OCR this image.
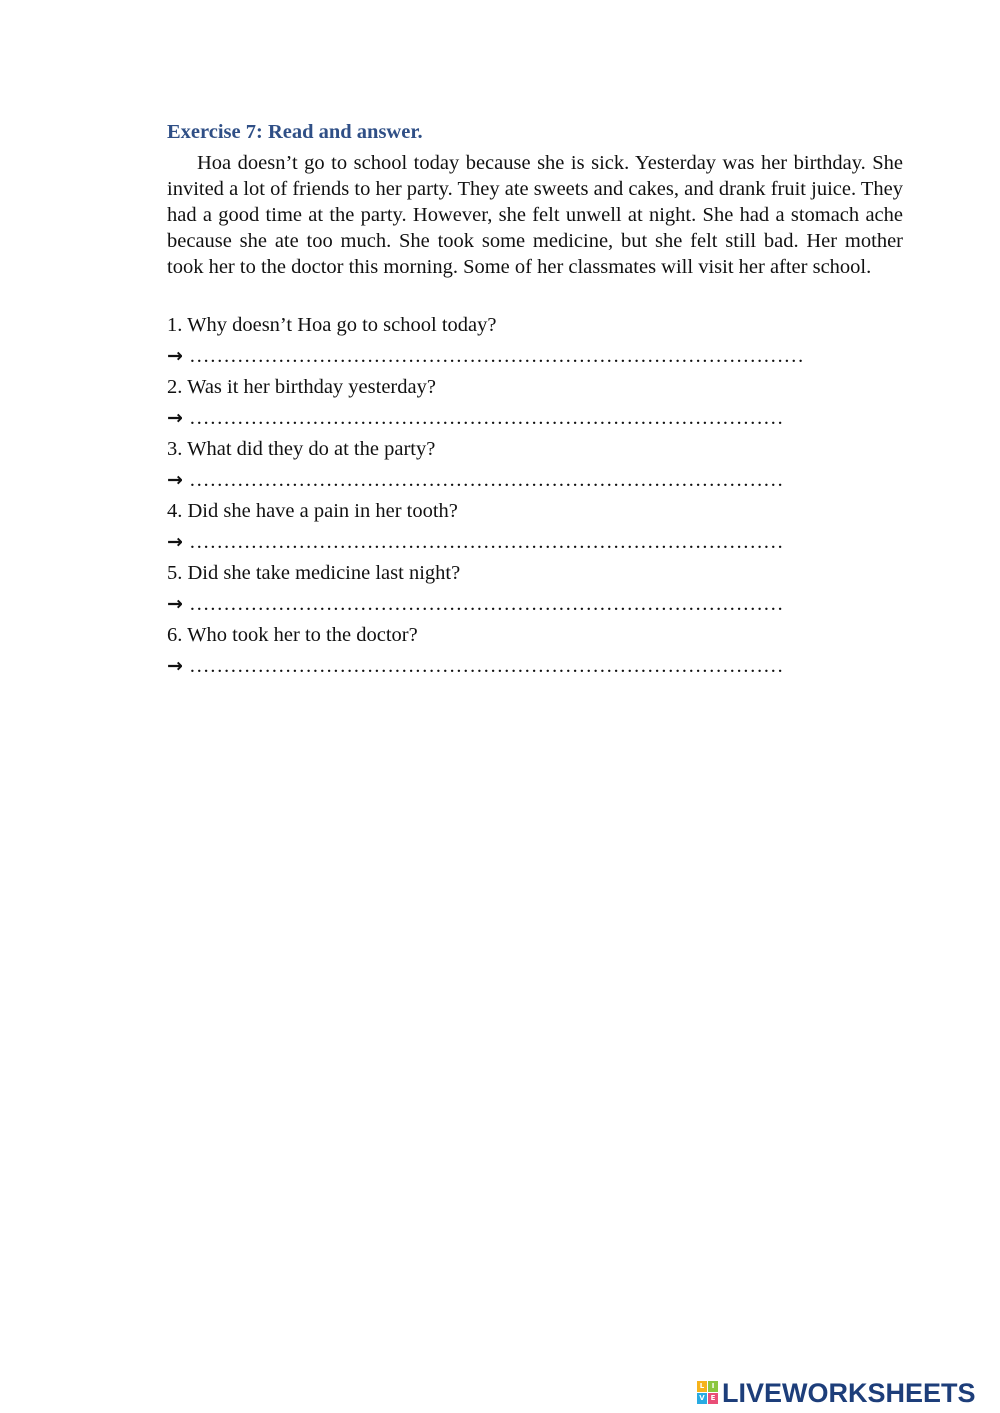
Exercise 7: Read and answer.

Hoa doesn’t go to school today because she is sick. Yesterday was her birthday. She invited a lot of friends to her party. They ate sweets and cakes, and drank fruit juice. They had a good time at the party. However, she felt unwell at night. She had a stomach ache because she ate too much. She took some medicine, but she felt still bad. Her mother took her to the doctor this morning. Some of her classmates will visit her after school.

1. Why doesn’t Hoa go to school today?

→ ………………………………………………………………………………

2. Was it her birthday yesterday?

→ ……………………………………………………………………………

3. What did they do at the party?

→ ……………………………………………………………………………

4. Did she have a pain in her tooth?

→ ……………………………………………………………………………

5. Did she take medicine last night?

→ ……………………………………………………………………………

6. Who took her to the doctor?

→ ……………………………………………………………………………

L	I
V E LIVEWORKSHEETS
